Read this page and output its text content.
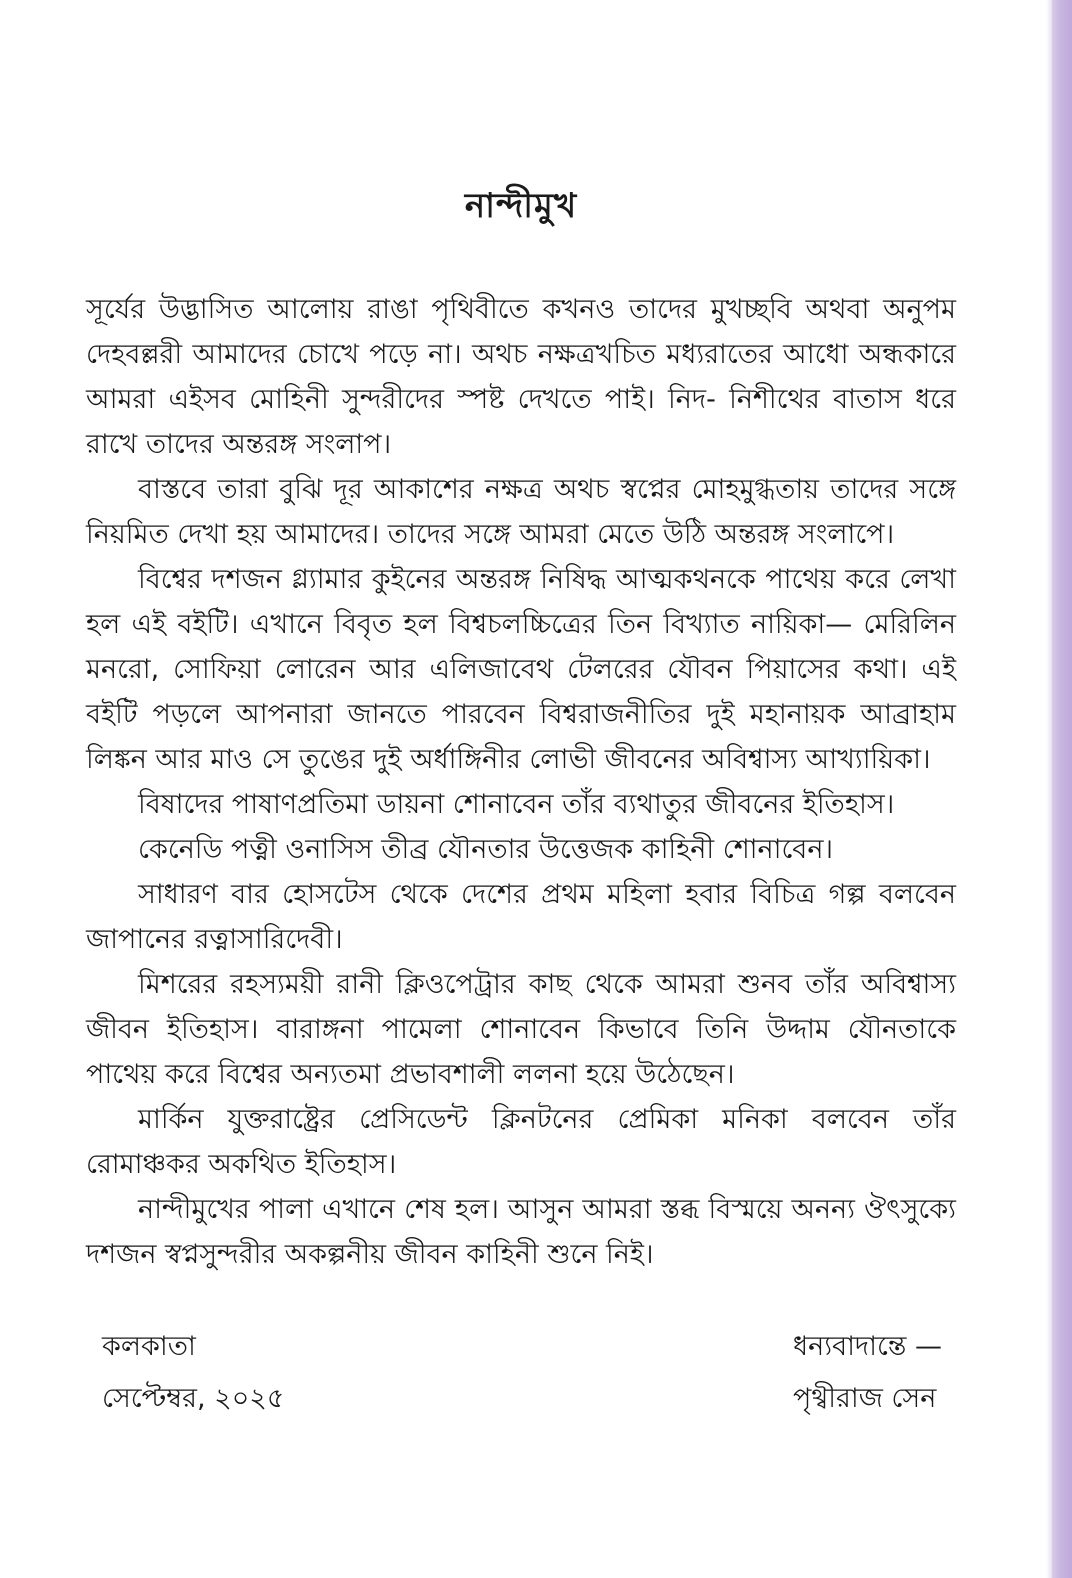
নান্দীমুখ

সূর্যের উদ্ভাসিত আলোয় রাঙা পৃথিবীতে কখনও তাদের মুখচ্ছবি অথবা অনুপম দেহবল্লরী আমাদের চোখে পড়ে না। অথচ নক্ষত্রখচিত মধ্যরাতের আধো অন্ধকারে আমরা এইসব মোহিনী সুন্দরীদের স্পষ্ট দেখতে পাই। নিদ- নিশীথের বাতাস ধরে রাখে তাদের অন্তরঙ্গ সংলাপ।

বাস্তবে তারা বুঝি দূর আকাশের নক্ষত্র অথচ স্বপ্নের মোহমুগ্ধতায় তাদের সঙ্গে নিয়মিত দেখা হয় আমাদের। তাদের সঙ্গে আমরা মেতে উঠি অন্তরঙ্গ সংলাপে।

বিশ্বের দশজন গ্ল্যামার কুইনের অন্তরঙ্গ নিষিদ্ধ আত্মকথনকে পাথেয় করে লেখা হল এই বইটি। এখানে বিবৃত হল বিশ্বচলচ্চিত্রের তিন বিখ্যাত নায়িকা— মেরিলিন মনরো, সোফিয়া লোরেন আর এলিজাবেথ টেলরের যৌবন পিয়াসের কথা। এই বইটি পড়লে আপনারা জানতে পারবেন বিশ্বরাজনীতির দুই মহানায়ক আব্রাহাম লিঙ্কন আর মাও সে তুঙের দুই অর্ধাঙ্গিনীর লোভী জীবনের অবিশ্বাস্য আখ্যায়িকা।

বিষাদের পাষাণপ্রতিমা ডায়না শোনাবেন তাঁর ব্যথাতুর জীবনের ইতিহাস।

কেনেডি পত্নী ওনাসিস তীব্র যৌনতার উত্তেজক কাহিনী শোনাবেন।

সাধারণ বার হোসটেস থেকে দেশের প্রথম মহিলা হবার বিচিত্র গল্প বলবেন জাপানের রত্নাসারিদেবী।

মিশরের রহস্যময়ী রানী ক্লিওপেট্রার কাছ থেকে আমরা শুনব তাঁর অবিশ্বাস্য জীবন ইতিহাস। বারাঙ্গনা পামেলা শোনাবেন কিভাবে তিনি উদ্দাম যৌনতাকে পাথেয় করে বিশ্বের অন্যতমা প্রভাবশালী ললনা হয়ে উঠেছেন।

মার্কিন যুক্তরাষ্ট্রের প্রেসিডেন্ট ক্লিনটনের প্রেমিকা মনিকা বলবেন তাঁর রোমাঞ্চকর অকথিত ইতিহাস।

নান্দীমুখের পালা এখানে শেষ হল। আসুন আমরা স্তব্ধ বিস্ময়ে অনন্য ঔৎসুক্যে দশজন স্বপ্নসুন্দরীর অকল্পনীয় জীবন কাহিনী শুনে নিই।

কলকাতা
সেপ্টেম্বর, ২০২৫
ধন্যবাদান্তে —
পৃথ্বীরাজ সেন
